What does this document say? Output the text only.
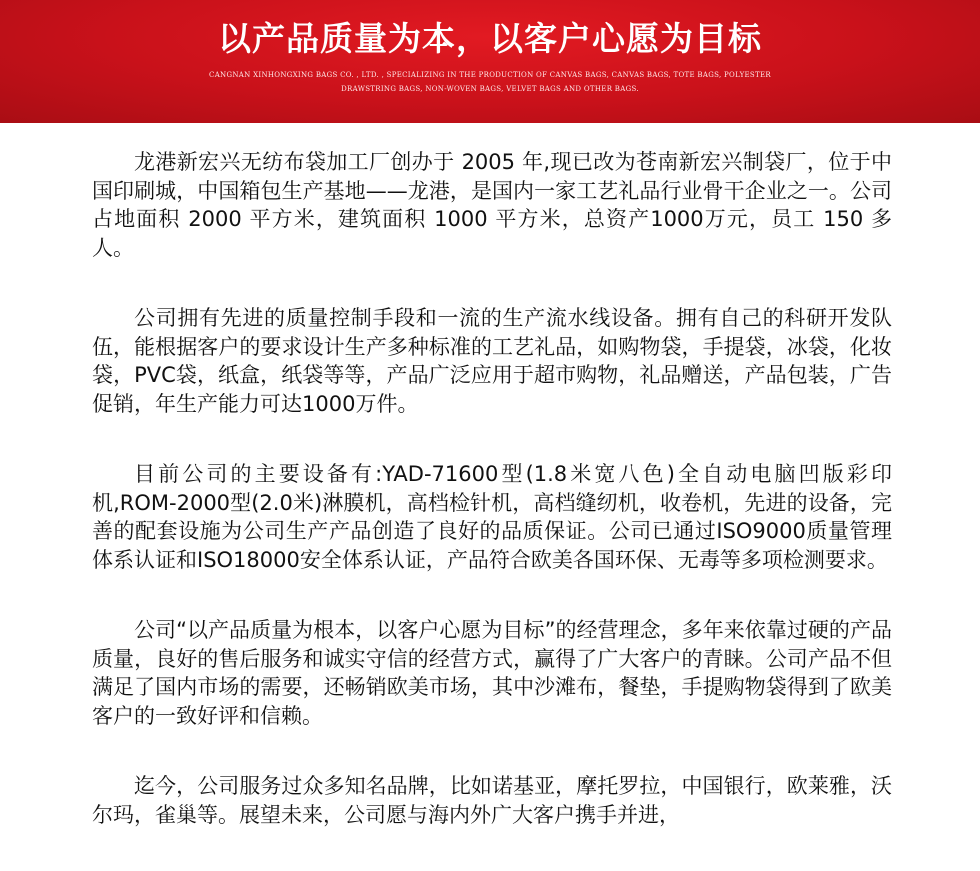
以产品质量为本，以客户心愿为目标
CANGNAN XINHONGXING BAGS CO. , LTD. , SPECIALIZING IN THE PRODUCTION OF CANVAS BAGS, CANVAS BAGS, TOTE BAGS, POLYESTER
DRAWSTRING BAGS, NON-WOVEN BAGS, VELVET BAGS AND OTHER BAGS.

龙港新宏兴无纺布袋加工厂创办于 2005 年,现已改为苍南新宏兴制袋厂，位于中国印刷城，中国箱包生产基地——龙港，是国内一家工艺礼品行业骨干企业之一。公司占地面积 2000 平方米，建筑面积 1000 平方米，总资产1000万元，员工 150 多人。

公司拥有先进的质量控制手段和一流的生产流水线设备。拥有自己的科研开发队伍，能根据客户的要求设计生产多种标准的工艺礼品，如购物袋，手提袋，冰袋，化妆袋，PVC袋，纸盒，纸袋等等，产品广泛应用于超市购物，礼品赠送，产品包装，广告促销，年生产能力可达1000万件。

目前公司的主要设备有:YAD-71600型(1.8米宽八色)全自动电脑凹版彩印机,ROM-2000型(2.0米)淋膜机，高档检针机，高档缝纫机，收卷机，先进的设备，完善的配套设施为公司生产产品创造了良好的品质保证。公司已通过ISO9000质量管理体系认证和ISO18000安全体系认证，产品符合欧美各国环保、无毒等多项检测要求。

公司“以产品质量为根本，以客户心愿为目标”的经营理念，多年来依靠过硬的产品质量，良好的售后服务和诚实守信的经营方式，赢得了广大客户的青睐。公司产品不但满足了国内市场的需要，还畅销欧美市场，其中沙滩布，餐垫，手提购物袋得到了欧美客户的一致好评和信赖。

迄今，公司服务过众多知名品牌，比如诺基亚，摩托罗拉，中国银行，欧莱雅，沃尔玛，雀巢等。展望未来，公司愿与海内外广大客户携手并进，
